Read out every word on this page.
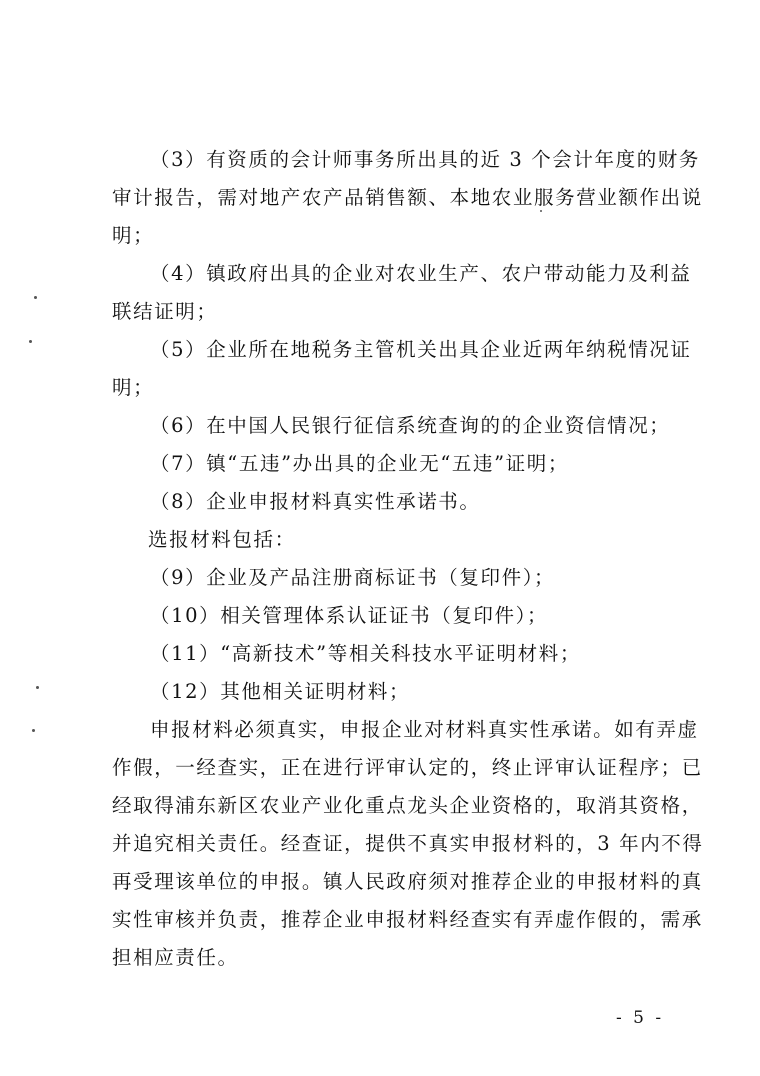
（3）有资质的会计师事务所出具的近 3 个会计年度的财务
审计报告，需对地产农产品销售额、本地农业服务营业额作出说
明；
（4）镇政府出具的企业对农业生产、农户带动能力及利益
联结证明；
（5）企业所在地税务主管机关出具企业近两年纳税情况证
明；
（6）在中国人民银行征信系统查询的的企业资信情况；
（7）镇“五违”办出具的企业无“五违”证明；
（8）企业申报材料真实性承诺书。
选报材料包括：
（9）企业及产品注册商标证书（复印件）；
（10）相关管理体系认证证书（复印件）；
（11）“高新技术”等相关科技水平证明材料；
（12）其他相关证明材料；
申报材料必须真实，申报企业对材料真实性承诺。如有弄虚
作假，一经查实，正在进行评审认定的，终止评审认证程序；已
经取得浦东新区农业产业化重点龙头企业资格的，取消其资格，
并追究相关责任。经查证，提供不真实申报材料的，3 年内不得
再受理该单位的申报。镇人民政府须对推荐企业的申报材料的真
实性审核并负责，推荐企业申报材料经查实有弄虚作假的，需承
担相应责任。
- 5 -
